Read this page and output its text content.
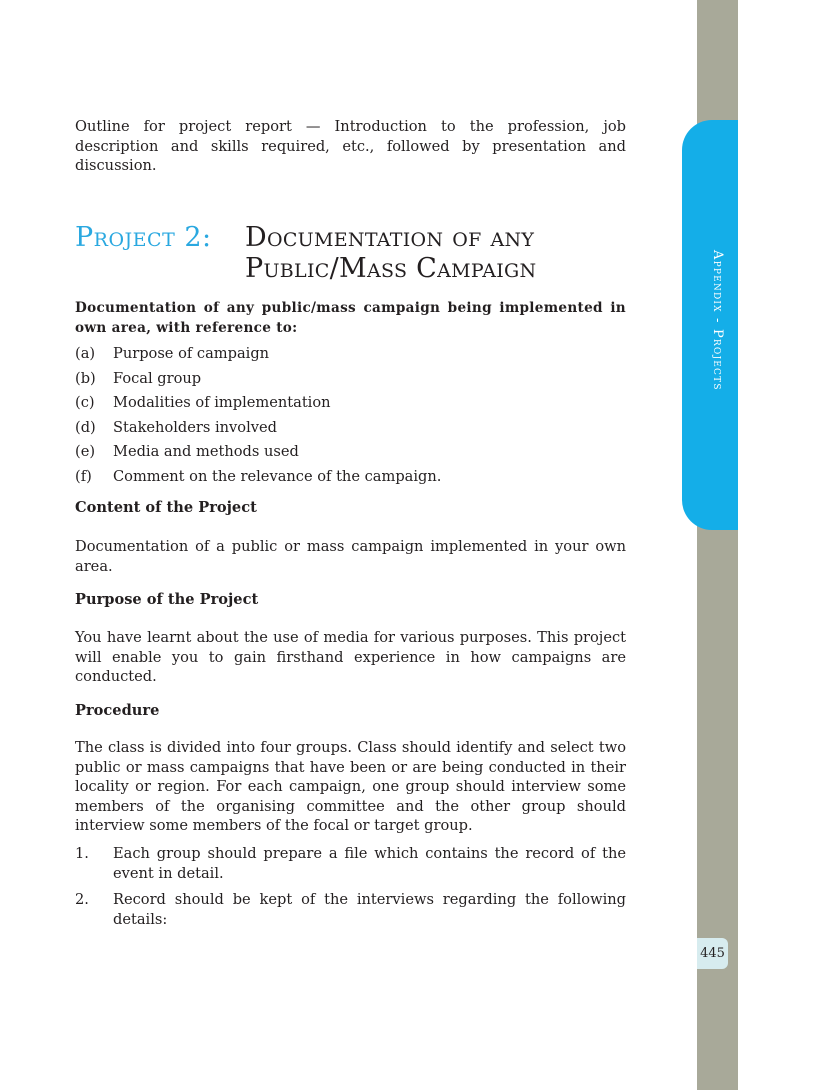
Outline for project report — Introduction to the profession, job description and skills required, etc., followed by presentation and discussion.

Project 2: Documentation of any Public/Mass Campaign

Documentation of any public/mass campaign being implemented in own area, with reference to:

(a)	Purpose of campaign
(b)	Focal group
(c)	Modalities of implementation
(d)	Stakeholders involved
(e)	Media and methods used
(f)	Comment on the relevance of the campaign.
Content of the Project

Documentation of a public or mass campaign implemented in your own area.

Purpose of the Project

You have learnt about the use of media for various purposes. This project will enable you to gain firsthand experience in how campaigns are conducted.

Procedure

The class is divided into four groups. Class should identify and select two public or mass campaigns that have been or are being conducted in their locality or region. For each campaign, one group should interview some members of the organising committee and the other group should interview some members of the focal or target group.

1.	Each group should prepare a file which contains the record of the event in detail.
2.	Record should be kept of the interviews regarding the following details:
Appendix - Projects
445
